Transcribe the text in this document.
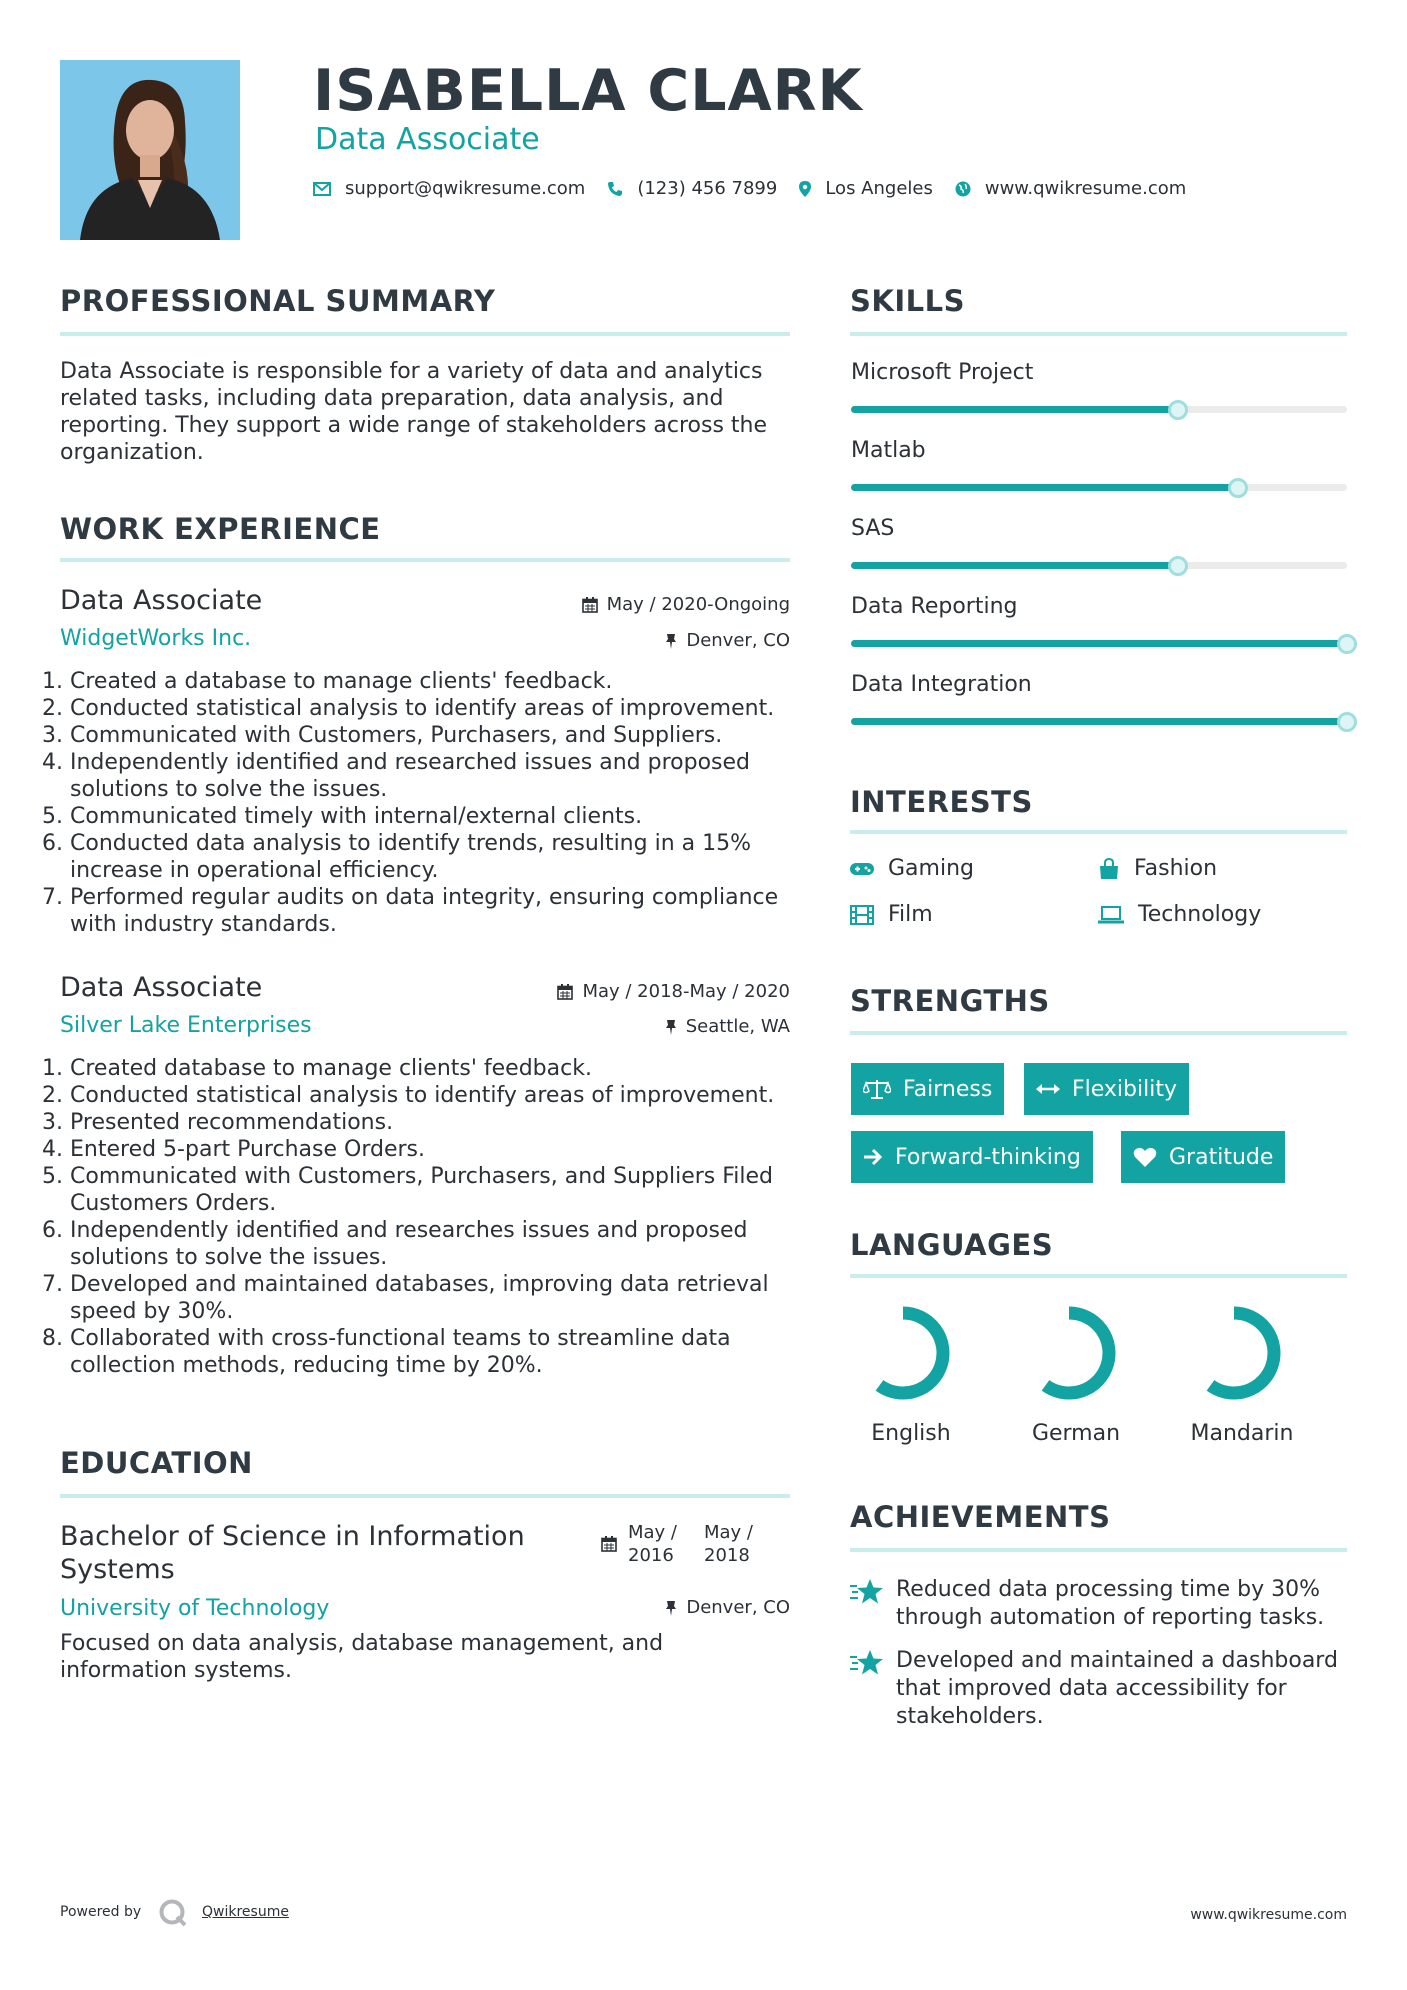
ISABELLA CLARK
Data Associate
support@qwikresume.com	(123) 456 7899	Los Angeles	www.qwikresume.com
PROFESSIONAL SUMMARY
Data Associate is responsible for a variety of data and analytics related tasks, including data preparation, data analysis, and reporting. They support a wide range of stakeholders across the organization.
WORK EXPERIENCE
Data Associate
WidgetWorks Inc.
May / 2020-Ongoing
Denver, CO
1. Created a database to manage clients' feedback.
2. Conducted statistical analysis to identify areas of improvement.
3. Communicated with Customers, Purchasers, and Suppliers.
4. Independently identified and researched issues and proposed solutions to solve the issues.
5. Communicated timely with internal/external clients.
6. Conducted data analysis to identify trends, resulting in a 15% increase in operational efficiency.
7. Performed regular audits on data integrity, ensuring compliance with industry standards.
Data Associate
Silver Lake Enterprises
May / 2018-May / 2020
Seattle, WA
1. Created database to manage clients' feedback.
2. Conducted statistical analysis to identify areas of improvement.
3. Presented recommendations.
4. Entered 5-part Purchase Orders.
5. Communicated with Customers, Purchasers, and Suppliers Filed Customers Orders.
6. Independently identified and researches issues and proposed solutions to solve the issues.
7. Developed and maintained databases, improving data retrieval speed by 30%.
8. Collaborated with cross-functional teams to streamline data collection methods, reducing time by 20%.
EDUCATION
Bachelor of Science in Information Systems
University of Technology
May / 2016
May / 2018
Denver, CO
Focused on data analysis, database management, and information systems.
SKILLS
Microsoft Project
Matlab
SAS
Data Reporting
Data Integration
INTERESTS
Gaming	Fashion
Film	Technology
STRENGTHS
Fairness	Flexibility
Forward-thinking	Gratitude
LANGUAGES
English	German	Mandarin
ACHIEVEMENTS
Reduced data processing time by 30% through automation of reporting tasks.
Developed and maintained a dashboard that improved data accessibility for stakeholders.
Powered by	Qwikresume	www.qwikresume.com
